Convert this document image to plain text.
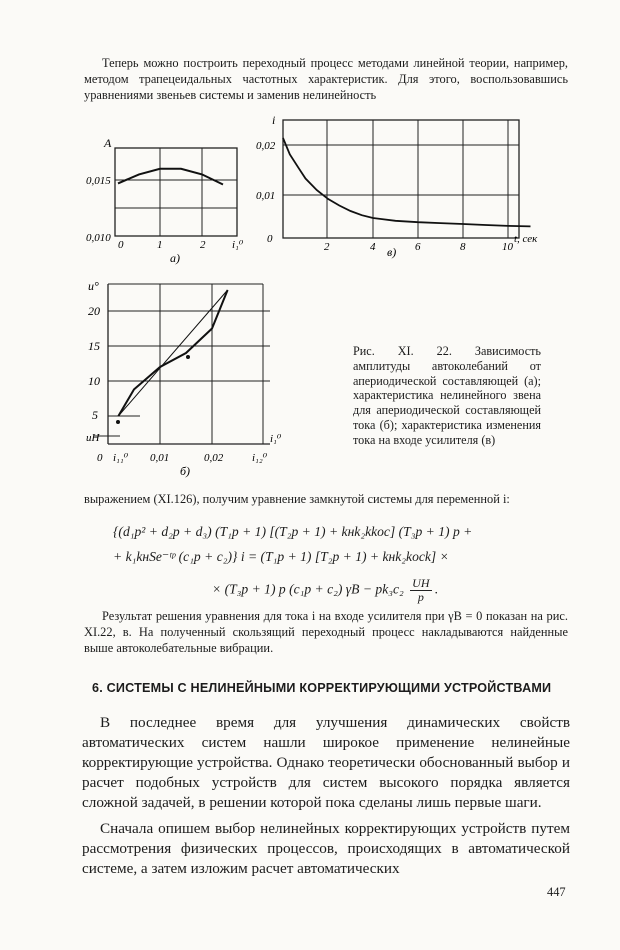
Теперь можно построить переходный процесс методами линейной теории, например, методом трапецеидальных частотных характеристик. Для этого, воспользовавшись уравнениями звеньев системы и заменив нелинейность
A
0,015
0,010
0	1	2 i₁⁰
а)
i
0,02
0,01
0
2	4	6	8	10
t, сек
в)
u°
20
15
10
5
uН
0 i₁₁⁰ 0,01	0,02	i₁₂⁰
i₁⁰
б)
Рис. XI. 22. Зависимость амплитуды автоколебаний от апериодической составляющей (а); характеристика нелинейного звена для апериодической составляющей тока (б); характеристика изменения тока на входе усилителя (в)
выражением (XI.126), получим уравнение замкнутой системы для переменной i:
{(d₁p² + d₂p + d₃) (T₁p + 1) [(T₂p + 1) + kнk₂kkос] (T₃p + 1) p +
+ k₁kнSe⁻ᵗᵖ (c₁p + c₂)} i = (T₁p + 1) [T₂p + 1) + kнk₂kосk] ×
× (T₃p + 1) p (c₁p + c₂) γB − pk₃c₂ UН
p
.
Результат решения уравнения для тока i на входе усилителя при γB = 0 показан на рис. XI.22, в. На полученный скользящий переходный процесс накладываются найденные выше автоколебательные вибрации.
6. СИСТЕМЫ С НЕЛИНЕЙНЫМИ КОРРЕКТИРУЮЩИМИ УСТРОЙСТВАМИ
В последнее время для улучшения динамических свойств автоматических систем нашли широкое применение нелинейные корректирующие устройства. Однако теоретически обоснованный выбор и расчет подобных устройств для систем высокого порядка является сложной задачей, в решении которой пока сделаны лишь первые шаги.
Сначала опишем выбор нелинейных корректирующих устройств путем рассмотрения физических процессов, происходящих в автоматической системе, а затем изложим расчет автоматических
447
